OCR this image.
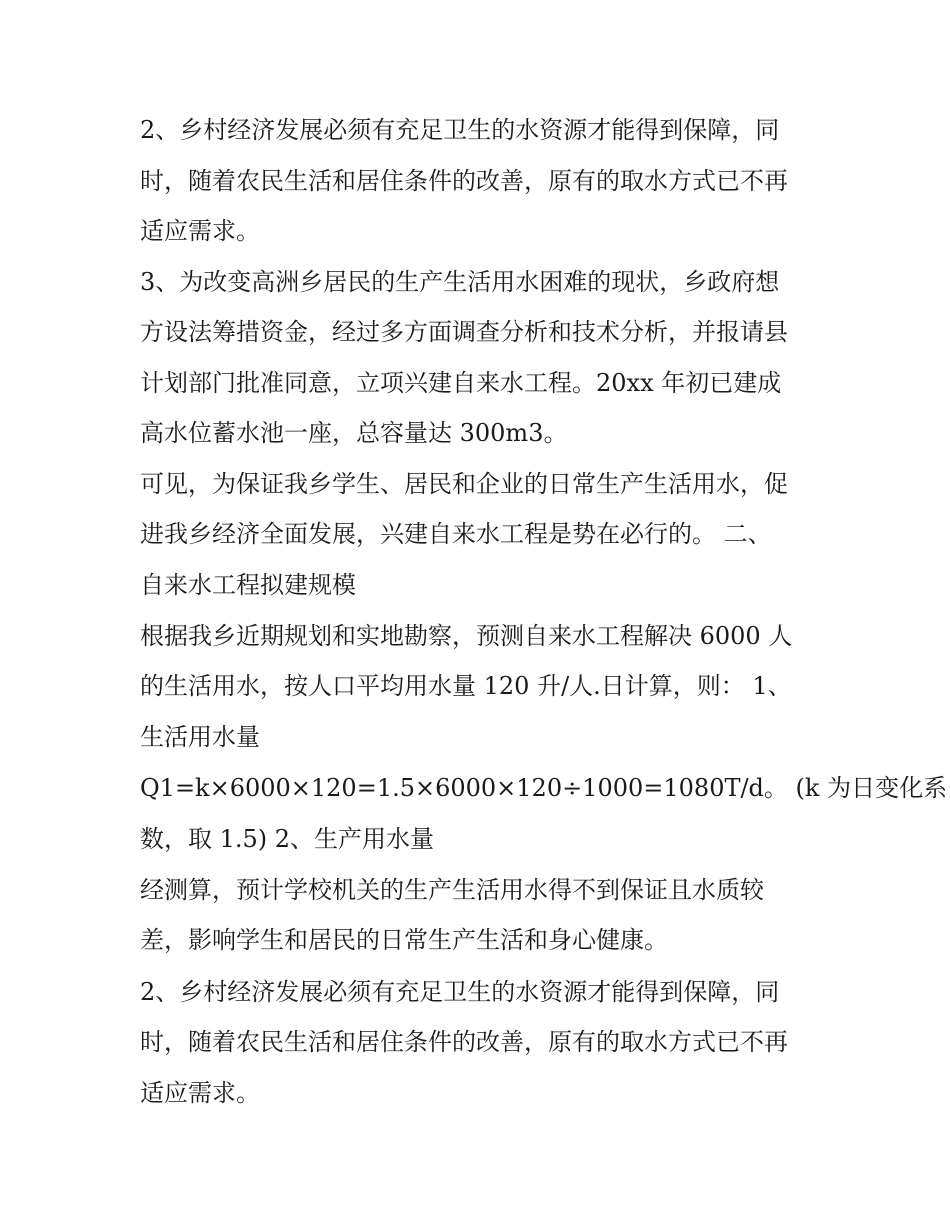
2、乡村经济发展必须有充足卫生的水资源才能得到保障，同
时，随着农民生活和居住条件的改善，原有的取水方式已不再
适应需求。
3、为改变高洲乡居民的生产生活用水困难的现状，乡政府想
方设法筹措资金，经过多方面调查分析和技术分析，并报请县
计划部门批准同意，立项兴建自来水工程。20xx 年初已建成
高水位蓄水池一座，总容量达 300m3。
可见，为保证我乡学生、居民和企业的日常生产生活用水，促
进我乡经济全面发展，兴建自来水工程是势在必行的。 二、
自来水工程拟建规模
根据我乡近期规划和实地勘察，预测自来水工程解决 6000 人
的生活用水，按人口平均用水量 120 升/人.日计算，则： 1、
生活用水量
Q1=k×6000×120=1.5×6000×120÷1000=1080T/d。 (k 为日变化系
数，取 1.5) 2、生产用水量
经测算，预计学校机关的生产生活用水得不到保证且水质较
差，影响学生和居民的日常生产生活和身心健康。
2、乡村经济发展必须有充足卫生的水资源才能得到保障，同
时，随着农民生活和居住条件的改善，原有的取水方式已不再
适应需求。
